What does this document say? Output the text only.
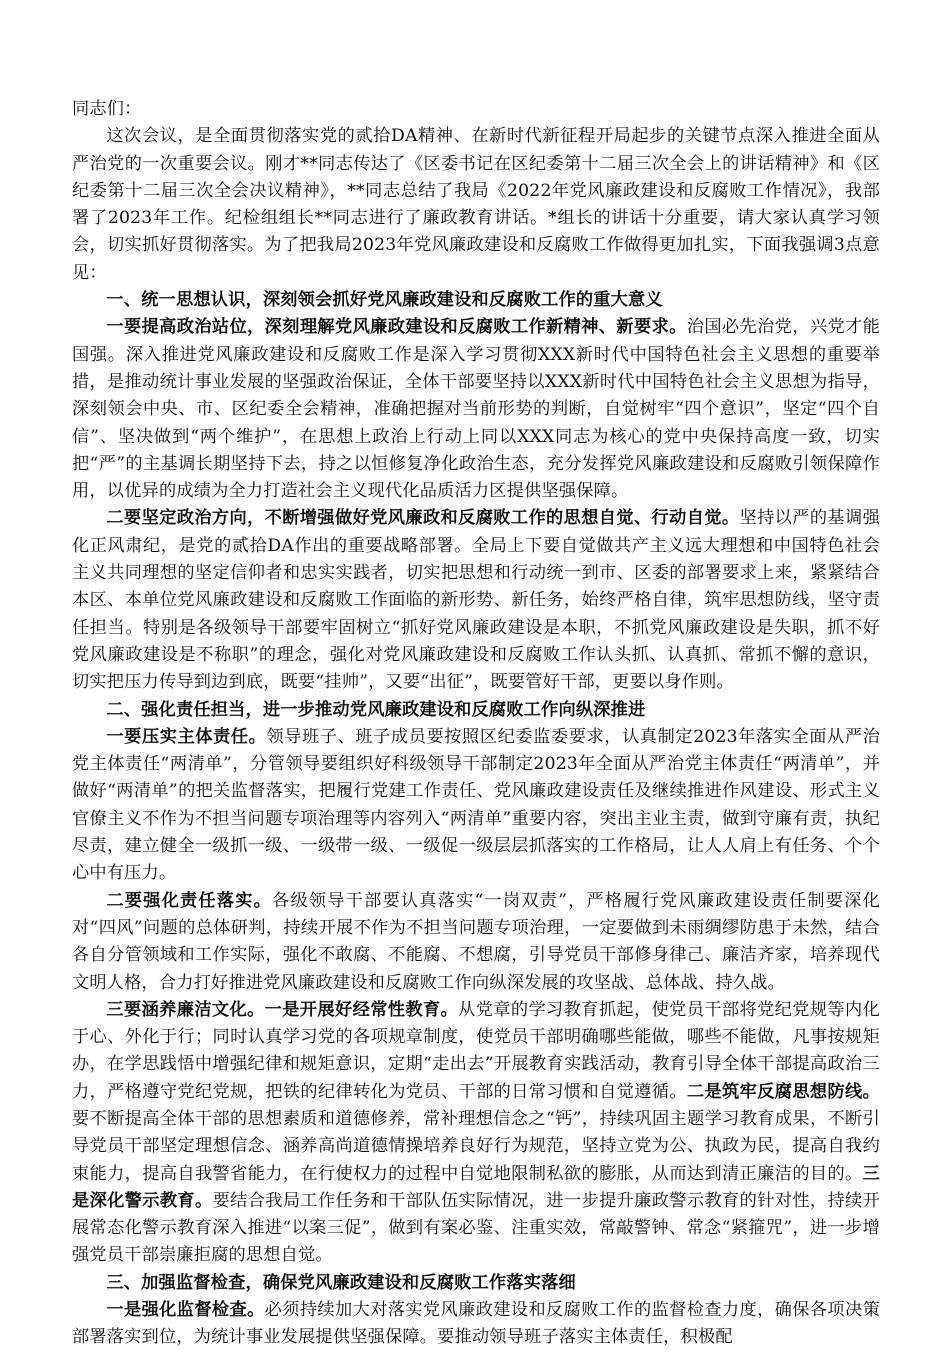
同志们：

这次会议，是全面贯彻落实党的贰拾DA精神、在新时代新征程开局起步的关键节点深入推进全面从严治党的一次重要会议。刚才**同志传达了《区委书记在区纪委第十二届三次全会上的讲话精神》和《区纪委第十二届三次全会决议精神》，**同志总结了我局《2022年党风廉政建设和反腐败工作情况》，我部署了2023年工作。纪检组组长**同志进行了廉政教育讲话。*组长的讲话十分重要，请大家认真学习领会，切实抓好贯彻落实。为了把我局2023年党风廉政建设和反腐败工作做得更加扎实，下面我强调3点意见：

一、统一思想认识，深刻领会抓好党风廉政建设和反腐败工作的重大意义

一要提高政治站位，深刻理解党风廉政建设和反腐败工作新精神、新要求。治国必先治党，兴党才能国强。深入推进党风廉政建设和反腐败工作是深入学习贯彻XXX新时代中国特色社会主义思想的重要举措，是推动统计事业发展的坚强政治保证，全体干部要坚持以XXX新时代中国特色社会主义思想为指导，深刻领会中央、市、区纪委全会精神，准确把握对当前形势的判断，自觉树牢“四个意识”，坚定“四个自信”、坚决做到“两个维护”，在思想上政治上行动上同以XXX同志为核心的党中央保持高度一致，切实把“严”的主基调长期坚持下去，持之以恒修复净化政治生态，充分发挥党风廉政建设和反腐败引领保障作用，以优异的成绩为全力打造社会主义现代化品质活力区提供坚强保障。

二要坚定政治方向，不断增强做好党风廉政和反腐败工作的思想自觉、行动自觉。坚持以严的基调强化正风肃纪，是党的贰拾DA作出的重要战略部署。全局上下要自觉做共产主义远大理想和中国特色社会主义共同理想的坚定信仰者和忠实实践者，切实把思想和行动统一到市、区委的部署要求上来，紧紧结合本区、本单位党风廉政建设和反腐败工作面临的新形势、新任务，始终严格自律，筑牢思想防线，坚守责任担当。特别是各级领导干部要牢固树立“抓好党风廉政建设是本职，不抓党风廉政建设是失职，抓不好党风廉政建设是不称职”的理念，强化对党风廉政建设和反腐败工作认头抓、认真抓、常抓不懈的意识，切实把压力传导到边到底，既要“挂帅”，又要“出征”，既要管好干部，更要以身作则。

二、强化责任担当，进一步推动党风廉政建设和反腐败工作向纵深推进

一要压实主体责任。领导班子、班子成员要按照区纪委监委要求，认真制定2023年落实全面从严治党主体责任“两清单”，分管领导要组织好科级领导干部制定2023年全面从严治党主体责任“两清单”，并做好“两清单”的把关监督落实，把履行党建工作责任、党风廉政建设责任及继续推进作风建设、形式主义官僚主义不作为不担当问题专项治理等内容列入“两清单”重要内容，突出主业主责，做到守廉有责，执纪尽责，建立健全一级抓一级、一级带一级、一级促一级层层抓落实的工作格局，让人人肩上有任务、个个心中有压力。

二要强化责任落实。各级领导干部要认真落实“一岗双责”，严格履行党风廉政建设责任制要深化对“四风”问题的总体研判，持续开展不作为不担当问题专项治理，一定要做到未雨绸缪防患于未然，结合各自分管领域和工作实际，强化不敢腐、不能腐、不想腐，引导党员干部修身律己、廉洁齐家，培养现代文明人格，合力打好推进党风廉政建设和反腐败工作向纵深发展的攻坚战、总体战、持久战。

三要涵养廉洁文化。一是开展好经常性教育。从党章的学习教育抓起，使党员干部将党纪党规等内化于心、外化于行；同时认真学习党的各项规章制度，使党员干部明确哪些能做，哪些不能做，凡事按规矩办，在学思践悟中增强纪律和规矩意识，定期“走出去”开展教育实践活动，教育引导全体干部提高政治三力，严格遵守党纪党规，把铁的纪律转化为党员、干部的日常习惯和自觉遵循。二是筑牢反腐思想防线。要不断提高全体干部的思想素质和道德修养，常补理想信念之“钙”，持续巩固主题学习教育成果，不断引导党员干部坚定理想信念、涵养高尚道德情操培养良好行为规范，坚持立党为公、执政为民，提高自我约束能力，提高自我警省能力，在行使权力的过程中自觉地限制私欲的膨胀，从而达到清正廉洁的目的。三是深化警示教育。要结合我局工作任务和干部队伍实际情况，进一步提升廉政警示教育的针对性，持续开展常态化警示教育深入推进“以案三促”，做到有案必鉴、注重实效，常敲警钟、常念“紧箍咒”，进一步增强党员干部崇廉拒腐的思想自觉。

三、加强监督检查，确保党风廉政建设和反腐败工作落实落细

一是强化监督检查。必须持续加大对落实党风廉政建设和反腐败工作的监督检查力度，确保各项决策部署落实到位，为统计事业发展提供坚强保障。要推动领导班子落实主体责任，积极配
